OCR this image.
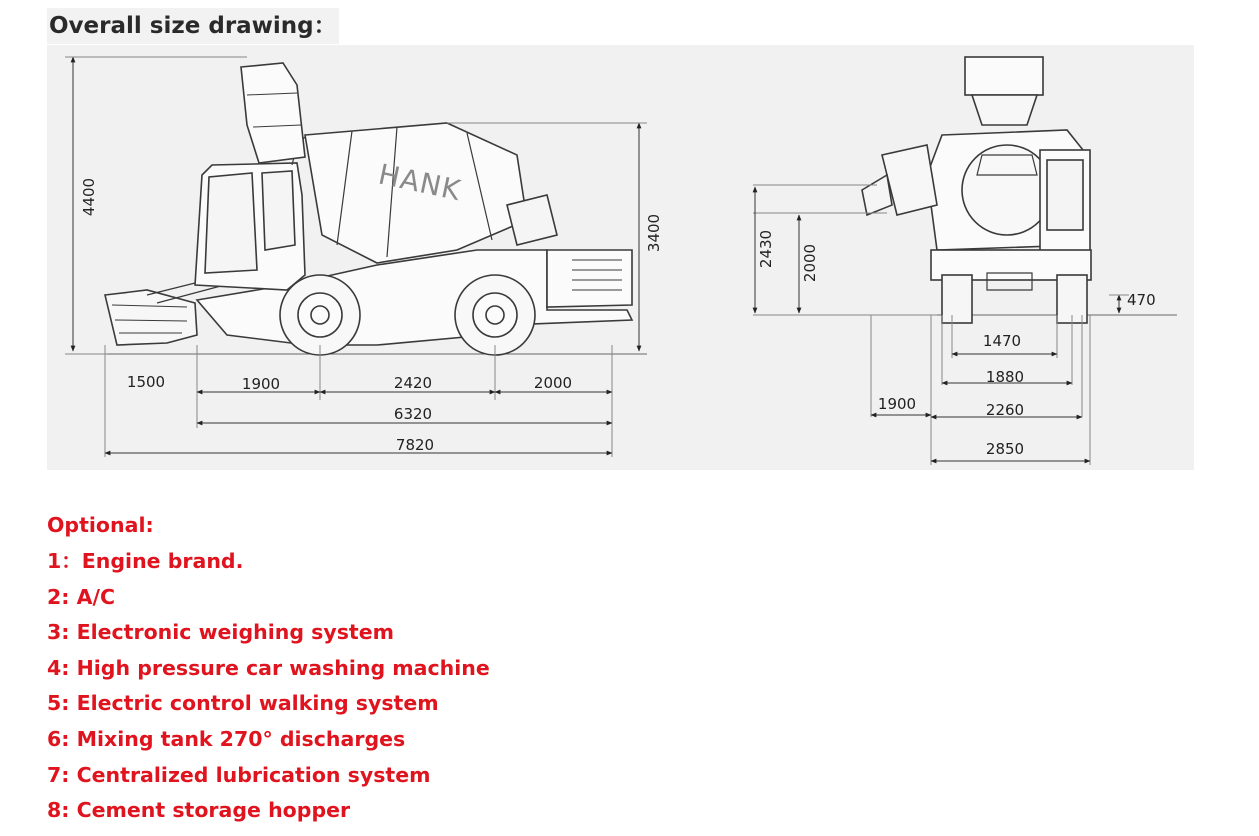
Overall size drawing：
HANK
4400
3400
1500	1900	2420	2000
6320
7820
2430 2000
470
1470
1880
1900	2260
2850
Optional:
1：Engine brand.
2: A/C
3: Electronic weighing system
4: High pressure car washing machine
5: Electric control walking system
6: Mixing tank 270° discharges
7: Centralized lubrication system
8: Cement storage hopper
